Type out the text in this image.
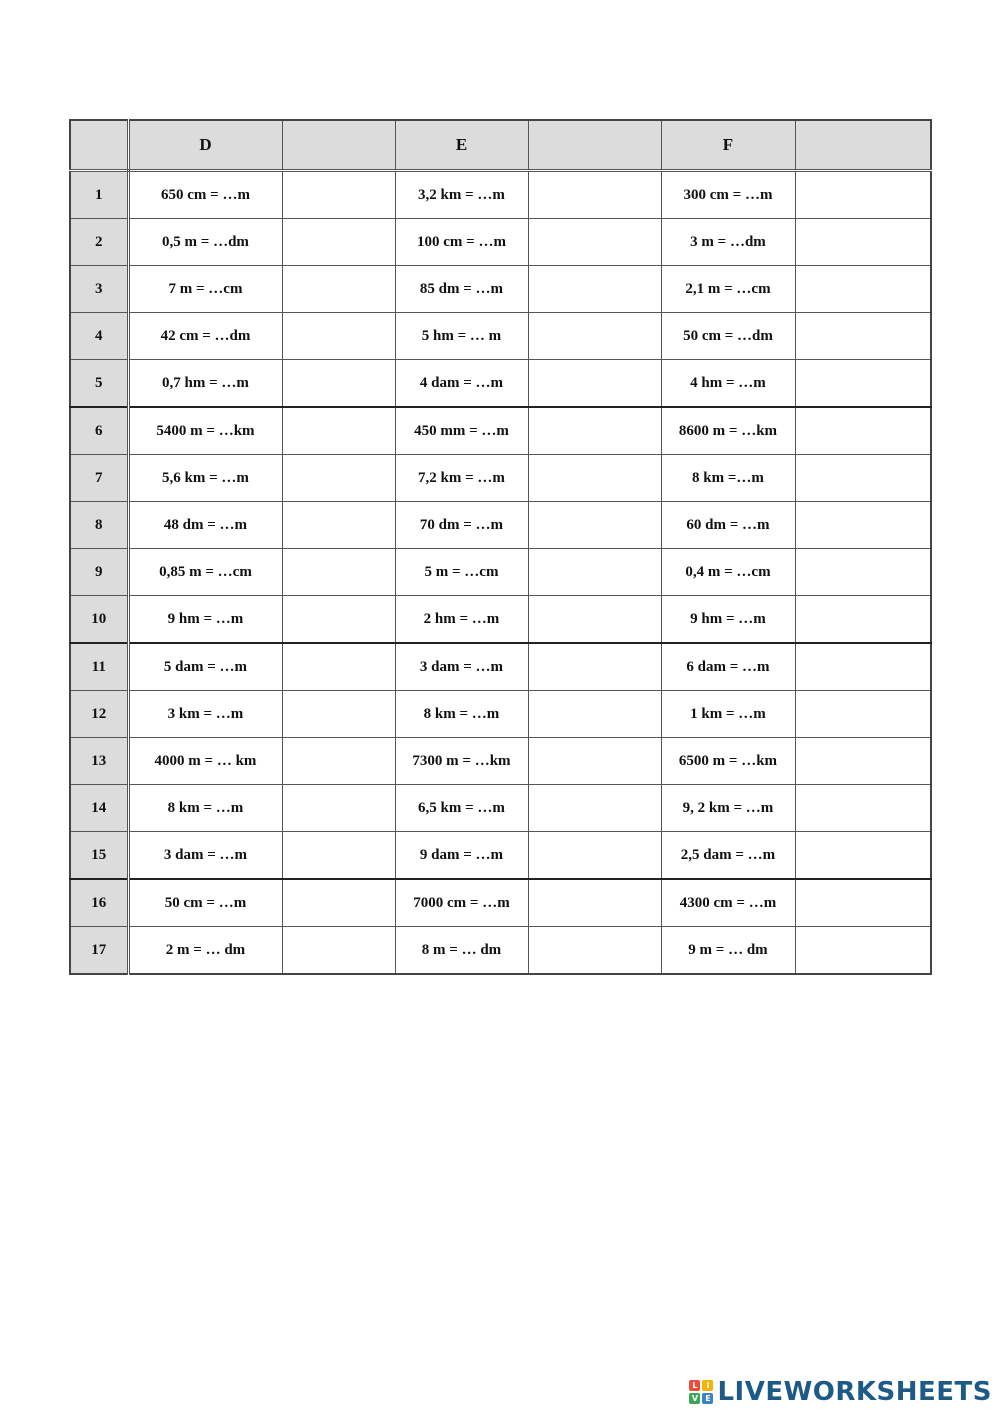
	D		E		F	
1	650 cm = …m		3,2 km = …m		300 cm = …m	
2	0,5 m = …dm		100 cm = …m		3 m = …dm	
3	7 m = …cm		85 dm = …m		2,1 m = …cm	
4	42 cm = …dm		5 hm = … m		50 cm = …dm	
5	0,7 hm = …m		4 dam = …m		4 hm = …m	
6	5400 m = …km		450 mm = …m		8600 m = …km	
7	5,6 km = …m		7,2 km = …m		8 km =…m	
8	48 dm = …m		70 dm = …m		60 dm = …m	
9	0,85 m = …cm		5 m = …cm		0,4 m = …cm	
10	9 hm = …m		2 hm = …m		9 hm = …m	
11	5 dam = …m		3 dam = …m		6 dam = …m	
12	3 km = …m		8 km = …m		1 km = …m	
13	4000 m = … km		7300 m = …km		6500 m = …km	
14	8 km = …m		6,5 km = …m		9, 2 km = …m	
15	3 dam = …m		9 dam = …m		2,5 dam = …m	
16	50 cm = …m		7000 cm = …m		4300 cm = …m	
17	2 m = … dm		8 m = … dm		9 m = … dm	
L	I
V E LIVEWORKSHEETS
